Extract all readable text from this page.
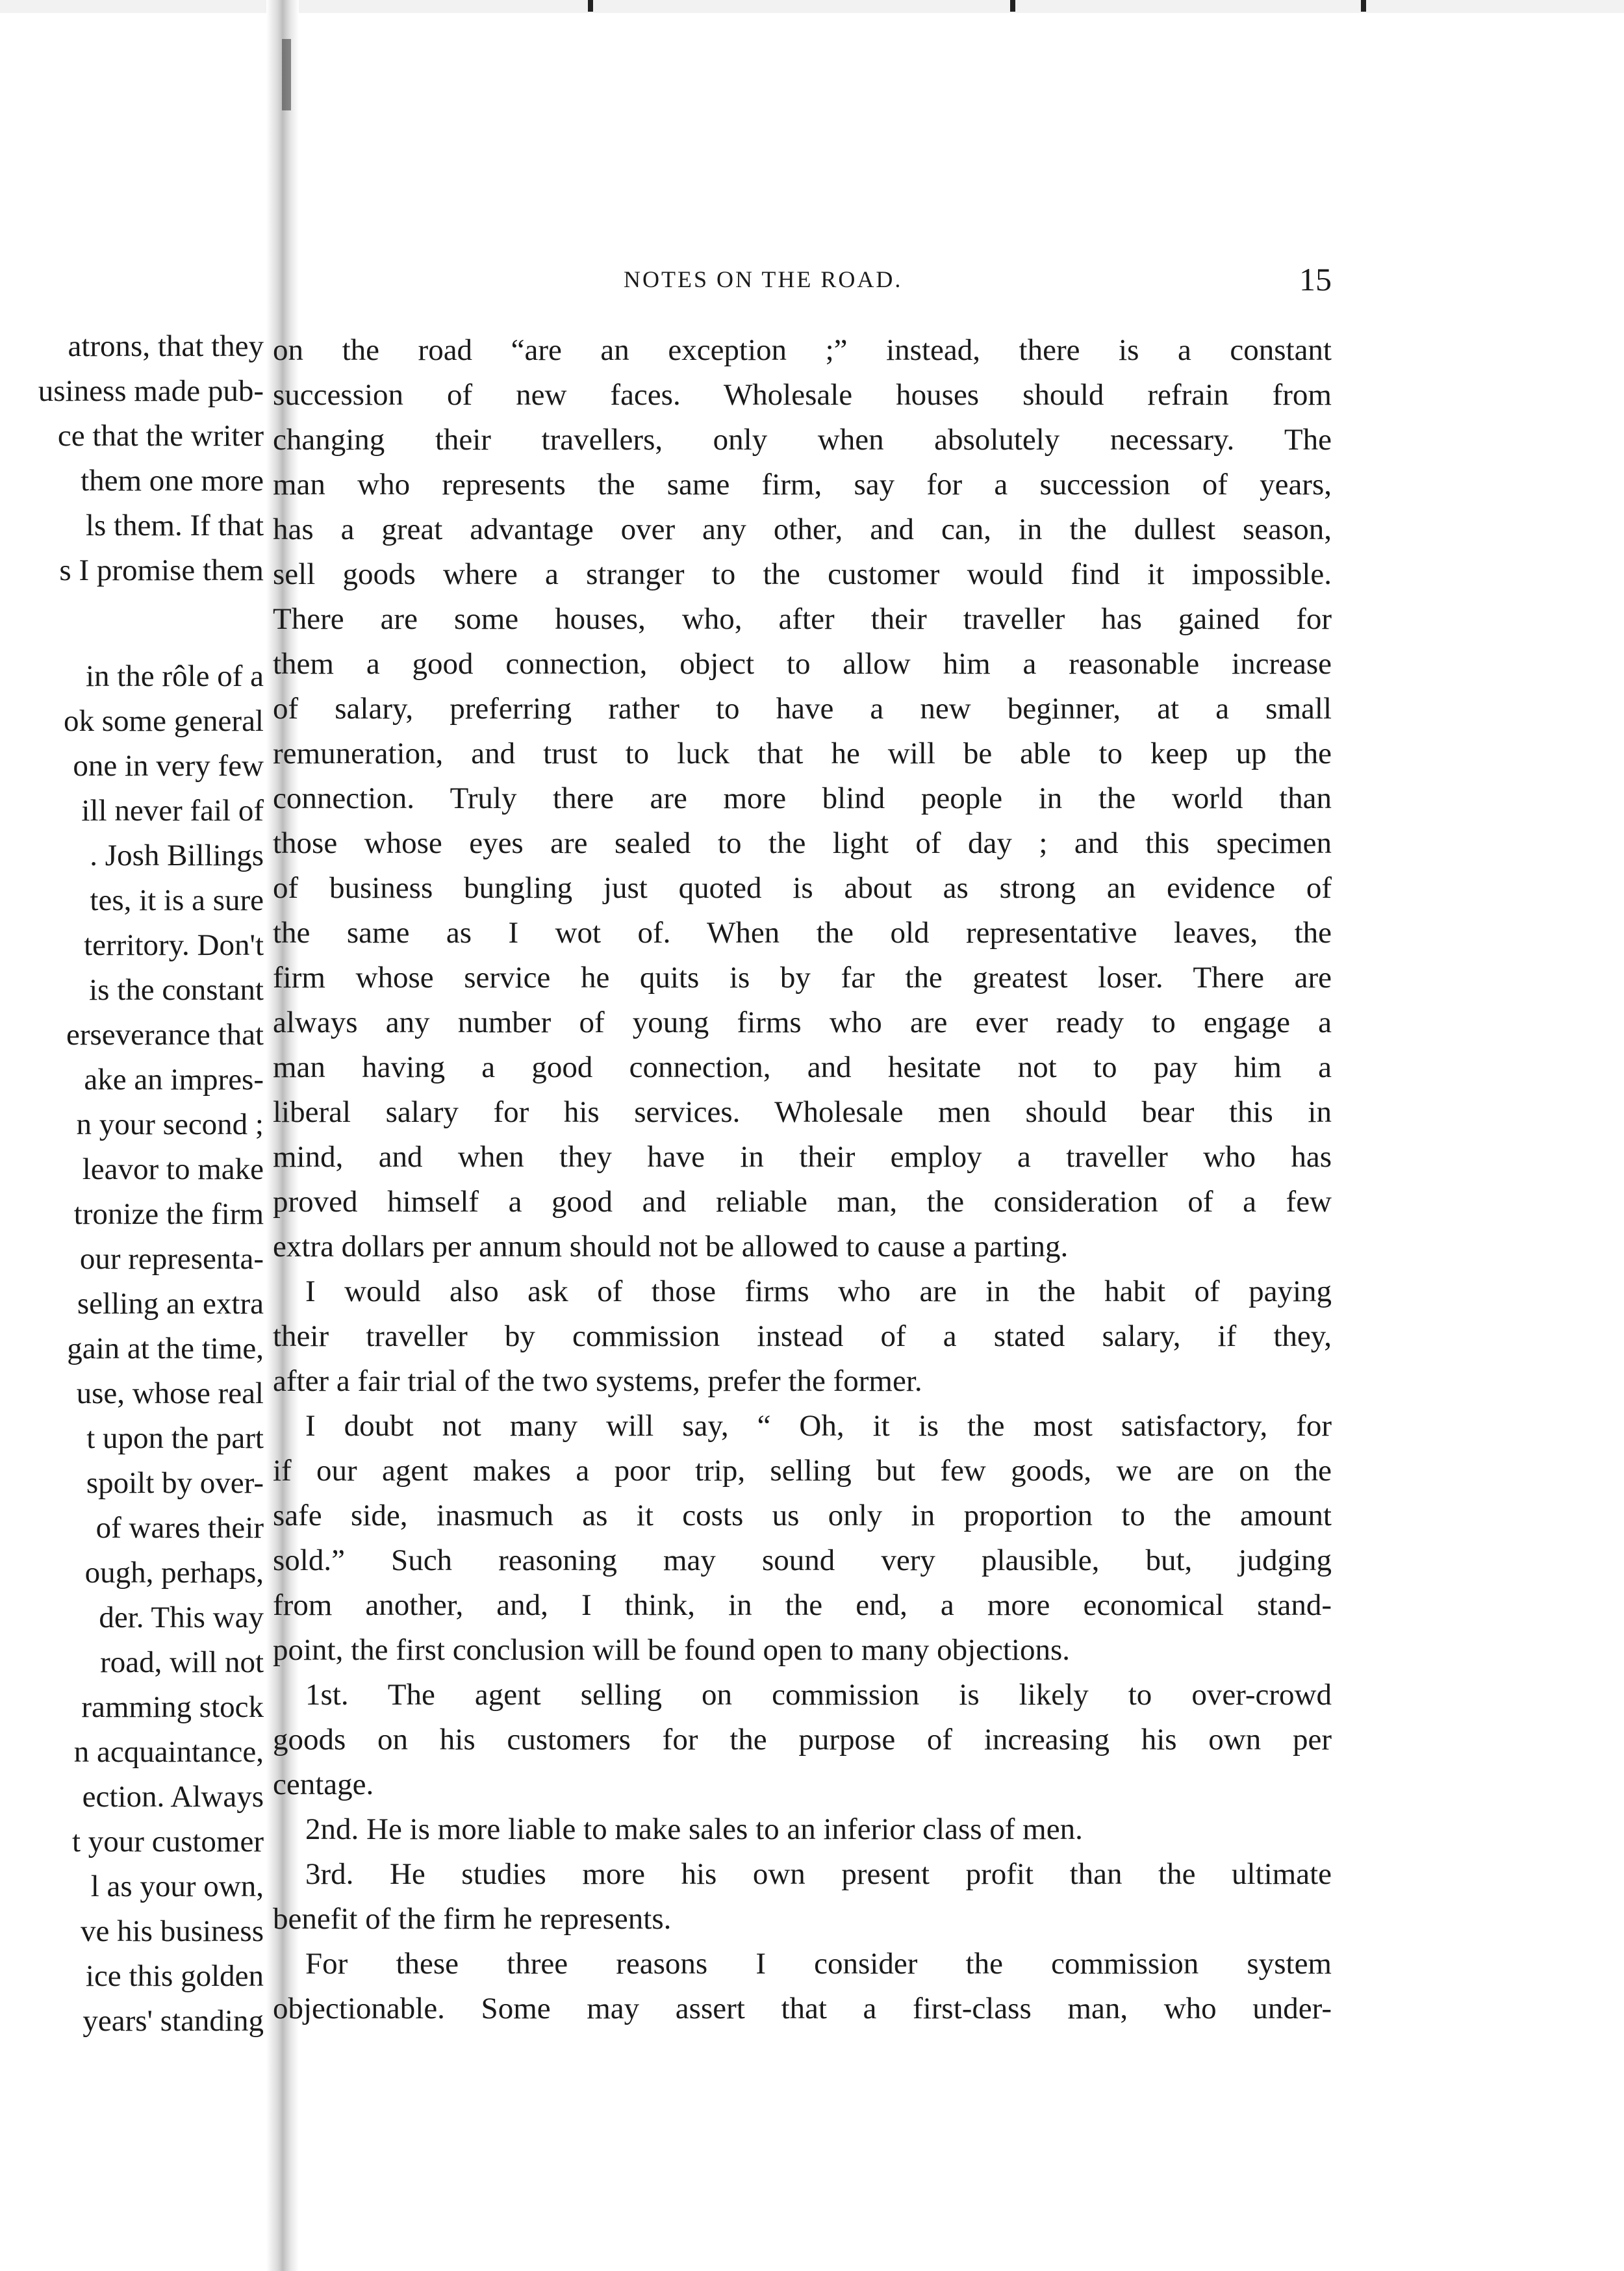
atrons, that they
usiness made pub-
ce that the writer
them one more
ls them. If that
s I promise them
in the rôle of a
ok some general
one in very few
ill never fail of
. Josh Billings
tes, it is a sure
territory. Don't
is the constant
erseverance that
ake an impres-
n your second ;
leavor to make
tronize the firm
our representa-
selling an extra
gain at the time,
use, whose real
t upon the part
spoilt by over-
of wares their
ough, perhaps,
der. This way
road, will not
ramming stock
n acquaintance,
ection. Always
t your customer
l as your own,
ve his business
ice this golden
years' standing
NOTES ON THE ROAD.	15
on the road “are an exception ;” instead, there is a constant
succession of new faces. Wholesale houses should refrain from
changing their travellers, only when absolutely necessary. The
man who represents the same firm, say for a succession of years,
has a great advantage over any other, and can, in the dullest season,
sell goods where a stranger to the customer would find it impossible.
There are some houses, who, after their traveller has gained for
them a good connection, object to allow him a reasonable increase
of salary, preferring rather to have a new beginner, at a small
remuneration, and trust to luck that he will be able to keep up the
connection. Truly there are more blind people in the world than
those whose eyes are sealed to the light of day ; and this specimen
of business bungling just quoted is about as strong an evidence of
the same as I wot of. When the old representative leaves, the
firm whose service he quits is by far the greatest loser. There are
always any number of young firms who are ever ready to engage a
man having a good connection, and hesitate not to pay him a
liberal salary for his services. Wholesale men should bear this in
mind, and when they have in their employ a traveller who has
proved himself a good and reliable man, the consideration of a few
extra dollars per annum should not be allowed to cause a parting.
I would also ask of those firms who are in the habit of paying
their traveller by commission instead of a stated salary, if they,
after a fair trial of the two systems, prefer the former.
I doubt not many will say, “ Oh, it is the most satisfactory, for
if our agent makes a poor trip, selling but few goods, we are on the
safe side, inasmuch as it costs us only in proportion to the amount
sold.” Such reasoning may sound very plausible, but, judging
from another, and, I think, in the end, a more economical stand-
point, the first conclusion will be found open to many objections.
1st. The agent selling on commission is likely to over-crowd
goods on his customers for the purpose of increasing his own per
centage.
2nd. He is more liable to make sales to an inferior class of men.
3rd. He studies more his own present profit than the ultimate
benefit of the firm he represents.
For these three reasons I consider the commission system
objectionable. Some may assert that a first-class man, who under-
